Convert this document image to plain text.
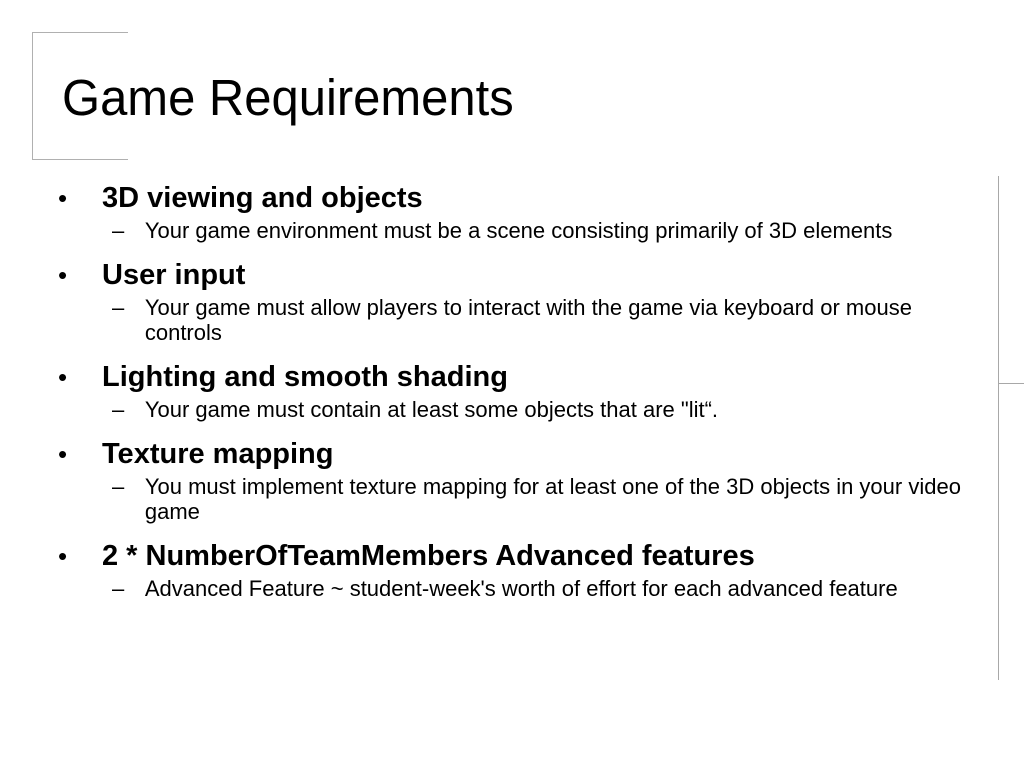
Game Requirements
•	3D viewing and objects
– Your game environment must be a scene consisting primarily of 3D elements
•	User input
– Your game must allow players to interact with the game via keyboard or mouse controls
•	Lighting and smooth shading
– Your game must contain at least some objects that are "lit“.
•	Texture mapping
– You must implement texture mapping for at least one of the 3D objects in your video game
•	2 * NumberOfTeamMembers Advanced features
– Advanced Feature ~ student-week's worth of effort for each advanced feature
